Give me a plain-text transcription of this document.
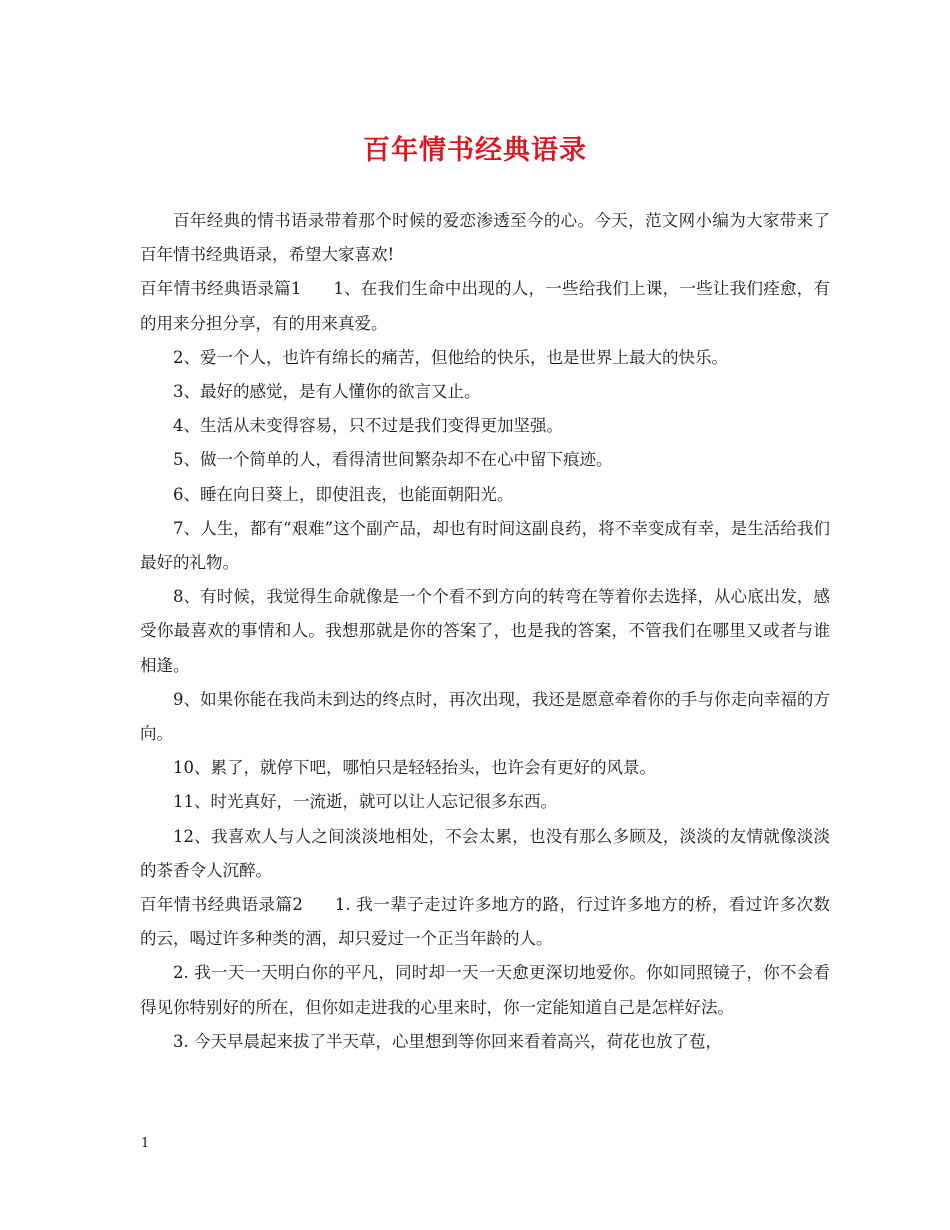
百年情书经典语录

百年经典的情书语录带着那个时候的爱恋渗透至今的心。今天，范文网小编为大家带来了百年情书经典语录，希望大家喜欢!

百年情书经典语录篇1 1、在我们生命中出现的人，一些给我们上课，一些让我们痊愈，有的用来分担分享，有的用来真爱。

2、爱一个人，也许有绵长的痛苦，但他给的快乐，也是世界上最大的快乐。

3、最好的感觉，是有人懂你的欲言又止。

4、生活从未变得容易，只不过是我们变得更加坚强。

5、做一个简单的人，看得清世间繁杂却不在心中留下痕迹。

6、睡在向日葵上，即使沮丧，也能面朝阳光。

7、人生，都有“艰难”这个副产品，却也有时间这副良药，将不幸变成有幸，是生活给我们最好的礼物。

8、有时候，我觉得生命就像是一个个看不到方向的转弯在等着你去选择，从心底出发，感受你最喜欢的事情和人。我想那就是你的答案了，也是我的答案，不管我们在哪里又或者与谁相逢。

9、如果你能在我尚未到达的终点时，再次出现，我还是愿意牵着你的手与你走向幸福的方向。

10、累了，就停下吧，哪怕只是轻轻抬头，也许会有更好的风景。

11、时光真好，一流逝，就可以让人忘记很多东西。

12、我喜欢人与人之间淡淡地相处，不会太累，也没有那么多顾及，淡淡的友情就像淡淡的茶香令人沉醉。

百年情书经典语录篇2 1. 我一辈子走过许多地方的路，行过许多地方的桥，看过许多次数的云，喝过许多种类的酒，却只爱过一个正当年龄的人。

2. 我一天一天明白你的平凡，同时却一天一天愈更深切地爱你。你如同照镜子，你不会看得见你特别好的所在，但你如走进我的心里来时，你一定能知道自己是怎样好法。

3. 今天早晨起来拔了半天草，心里想到等你回来看着高兴，荷花也放了苞，

1
